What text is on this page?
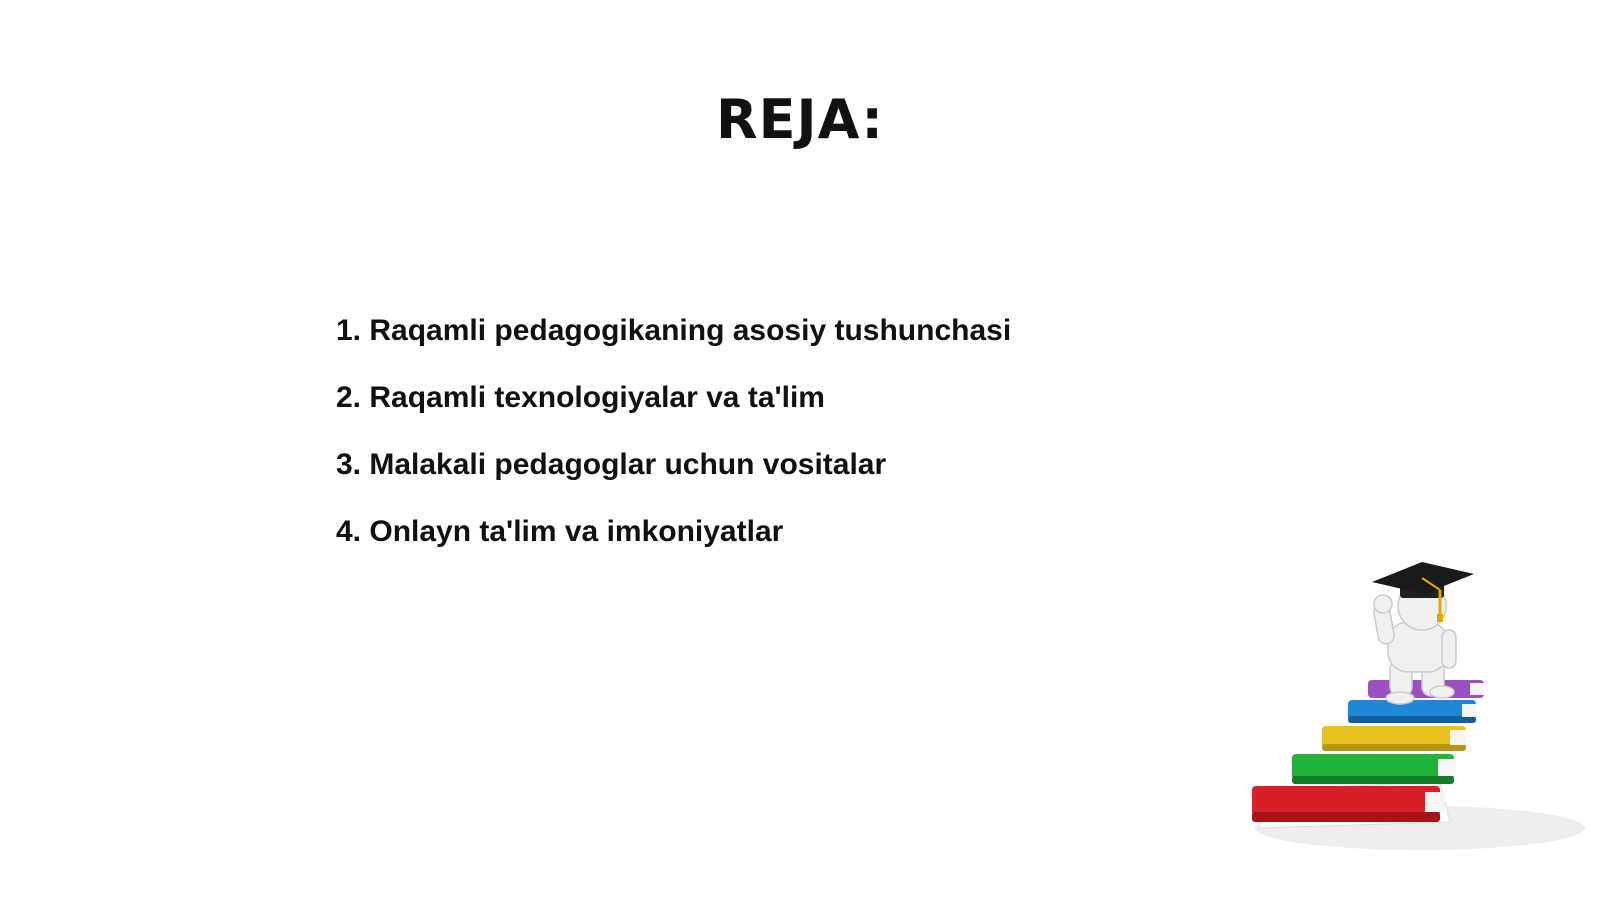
REJA:
1. Raqamli pedagogikaning asosiy tushunchasi
2. Raqamli texnologiyalar va ta'lim
3. Malakali pedagoglar uchun vositalar
4. Onlayn ta'lim va imkoniyatlar
